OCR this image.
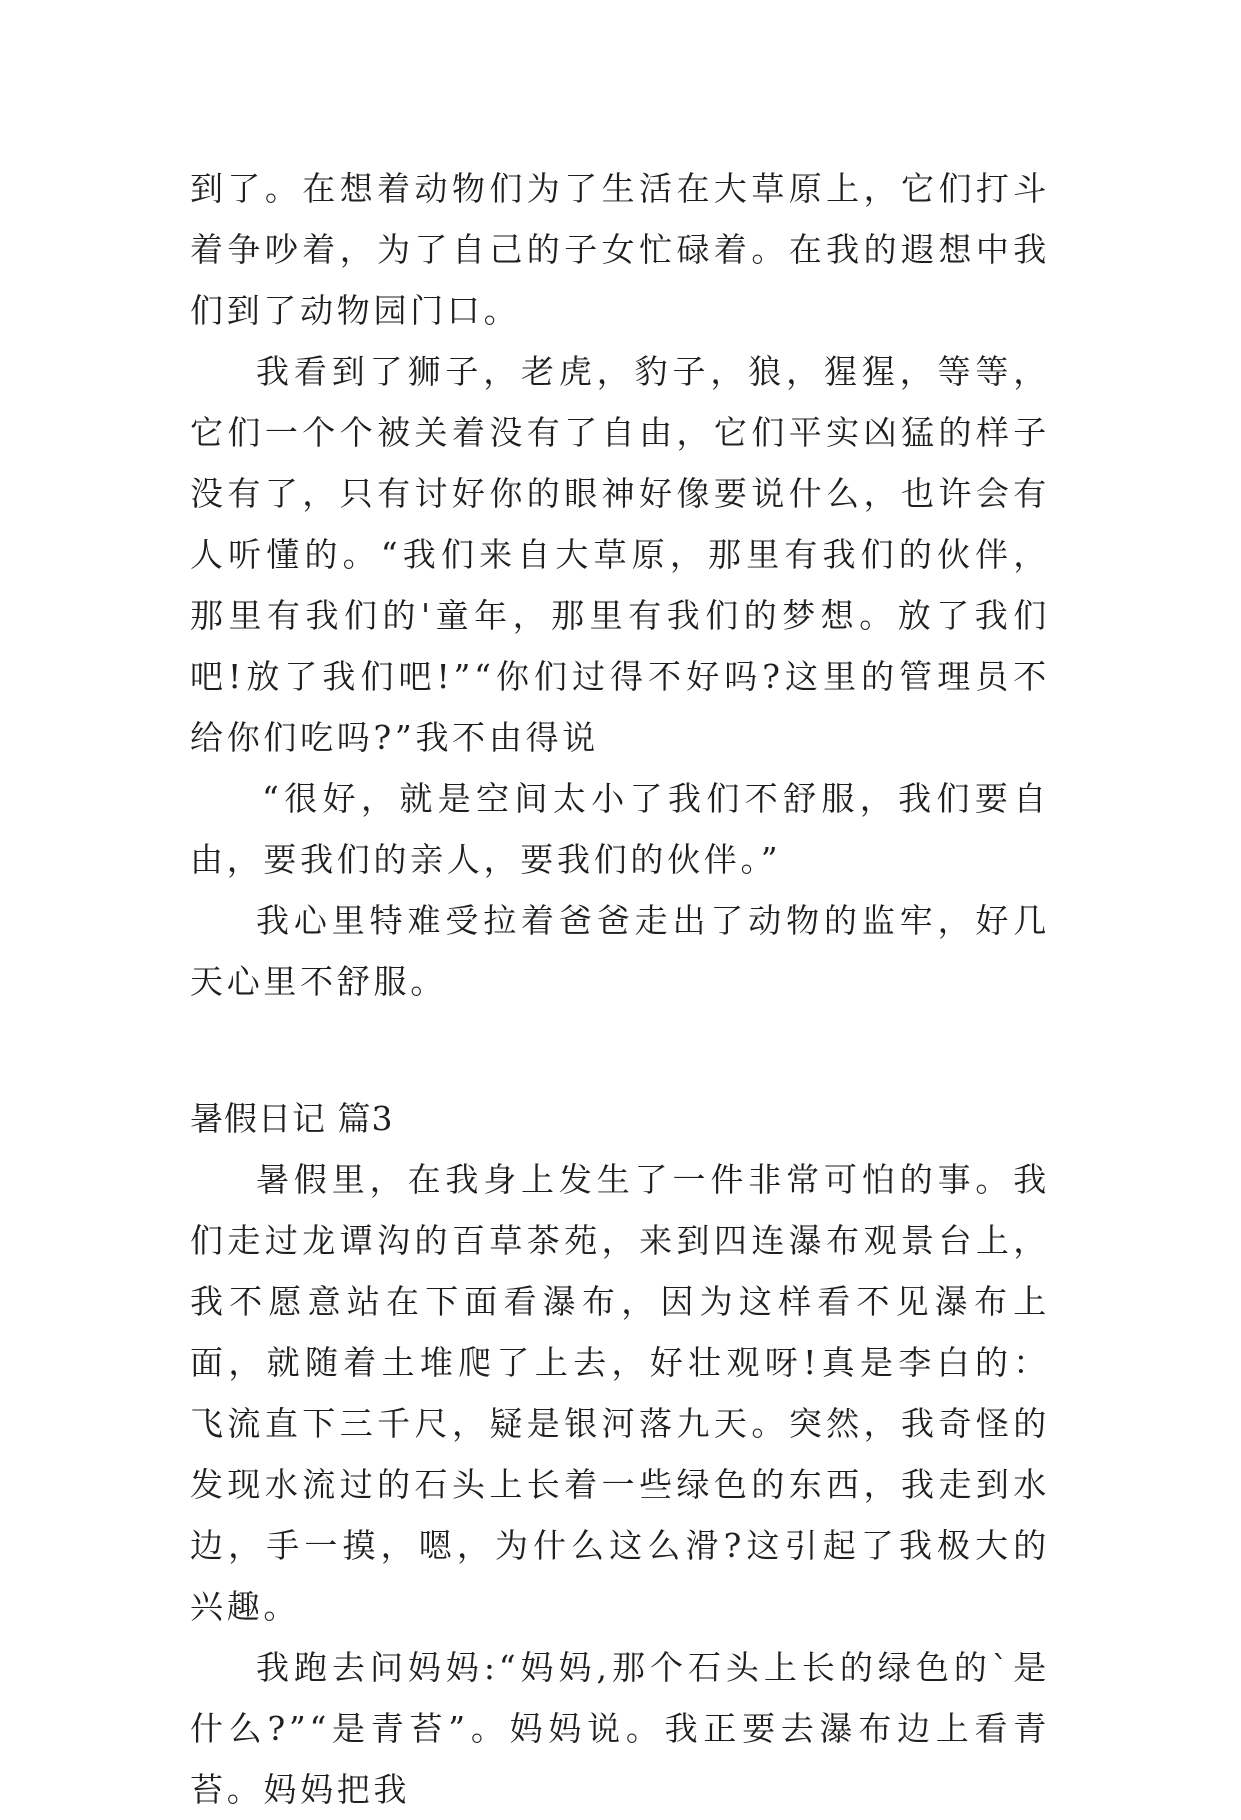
到了。在想着动物们为了生活在大草原上，它们打斗着争吵着，为了自己的子女忙碌着。在我的遐想中我们到了动物园门口。

我看到了狮子，老虎，豹子，狼，猩猩，等等，它们一个个被关着没有了自由，它们平实凶猛的样子没有了，只有讨好你的眼神好像要说什么，也许会有人听懂的。“我们来自大草原，那里有我们的伙伴，那里有我们的'童年，那里有我们的梦想。放了我们吧!放了我们吧!”“你们过得不好吗?这里的管理员不给你们吃吗?”我不由得说

“很好，就是空间太小了我们不舒服，我们要自由，要我们的亲人，要我们的伙伴。”

我心里特难受拉着爸爸走出了动物的监牢，好几天心里不舒服。

暑假日记 篇3

暑假里，在我身上发生了一件非常可怕的事。我们走过龙谭沟的百草茶苑，来到四连瀑布观景台上，我不愿意站在下面看瀑布，因为这样看不见瀑布上面，就随着土堆爬了上去，好壮观呀!真是李白的：飞流直下三千尺，疑是银河落九天。突然，我奇怪的发现水流过的石头上长着一些绿色的东西，我走到水边，手一摸，嗯，为什么这么滑?这引起了我极大的兴趣。

我跑去问妈妈:“妈妈,那个石头上长的绿色的`是什么?”“是青苔”。妈妈说。我正要去瀑布边上看青苔。妈妈把我
